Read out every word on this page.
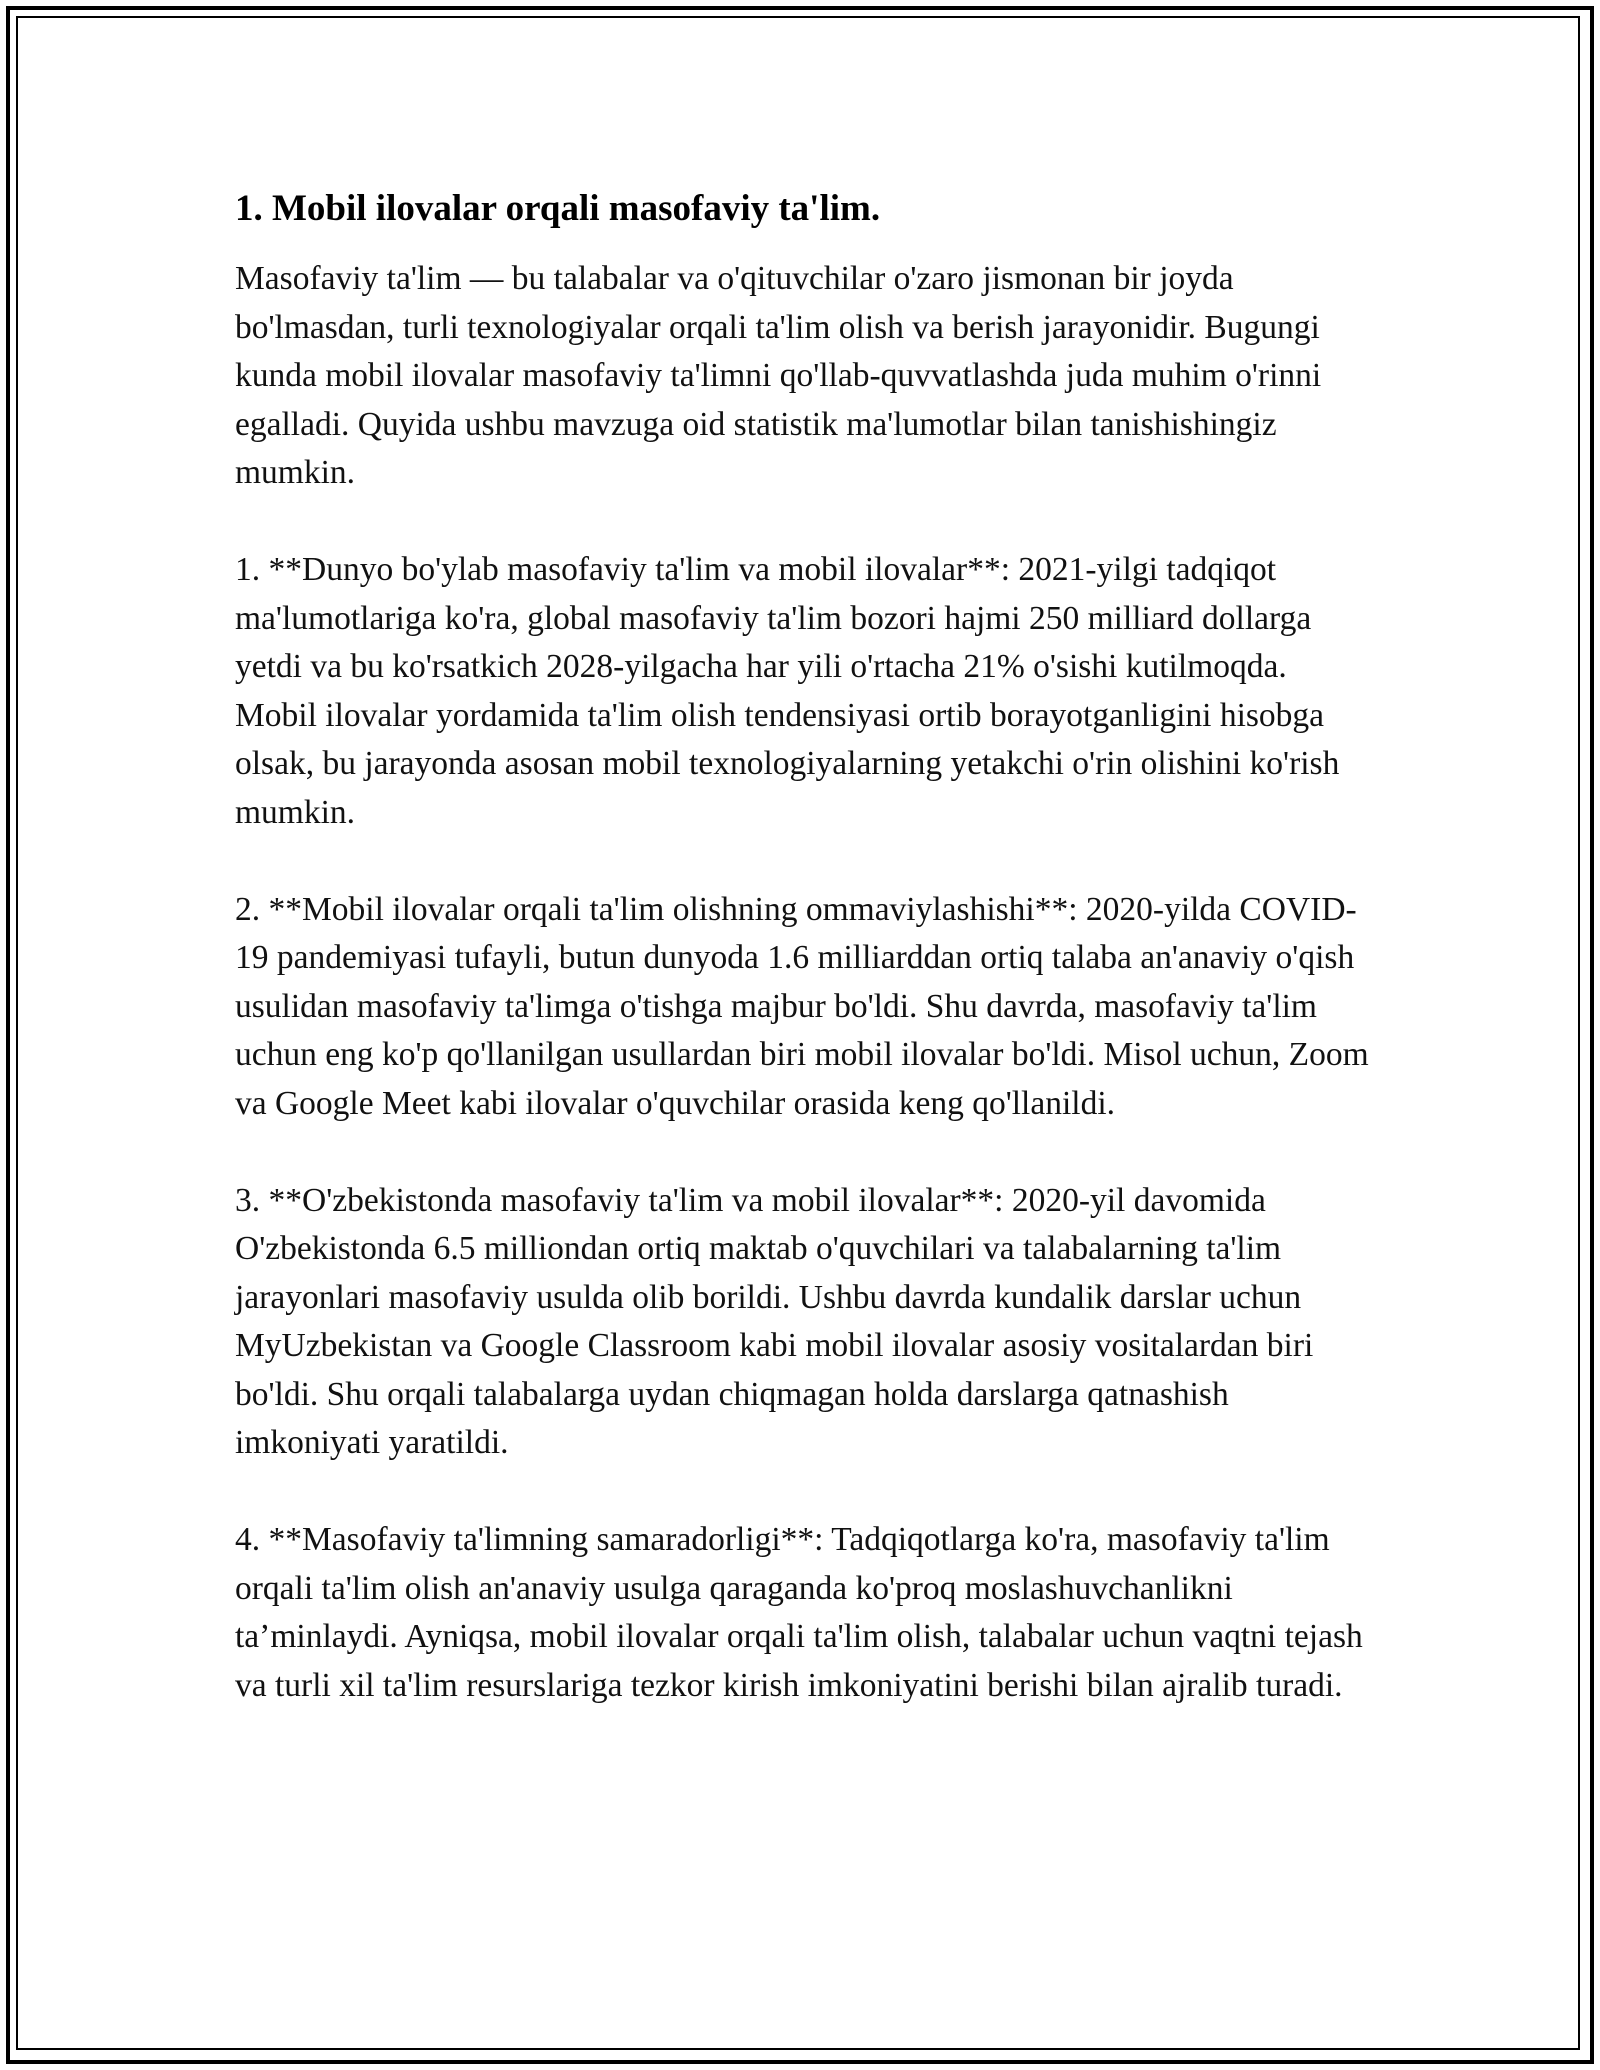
1. Mobil ilovalar orqali masofaviy ta'lim.

Masofaviy ta'lim — bu talabalar va o'qituvchilar o'zaro jismonan bir joyda bo'lmasdan, turli texnologiyalar orqali ta'lim olish va berish jarayonidir. Bugungi kunda mobil ilovalar masofaviy ta'limni qo'llab-quvvatlashda juda muhim o'rinni egalladi. Quyida ushbu mavzuga oid statistik ma'lumotlar bilan tanishishingiz mumkin.

1. **Dunyo bo'ylab masofaviy ta'lim va mobil ilovalar**: 2021-yilgi tadqiqot ma'lumotlariga ko'ra, global masofaviy ta'lim bozori hajmi 250 milliard dollarga yetdi va bu ko'rsatkich 2028-yilgacha har yili o'rtacha 21% o'sishi kutilmoqda. Mobil ilovalar yordamida ta'lim olish tendensiyasi ortib borayotganligini hisobga olsak, bu jarayonda asosan mobil texnologiyalarning yetakchi o'rin olishini ko'rish mumkin.

2. **Mobil ilovalar orqali ta'lim olishning ommaviylashishi**: 2020-yilda COVID-19 pandemiyasi tufayli, butun dunyoda 1.6 milliarddan ortiq talaba an'anaviy o'qish usulidan masofaviy ta'limga o'tishga majbur bo'ldi. Shu davrda, masofaviy ta'lim uchun eng ko'p qo'llanilgan usullardan biri mobil ilovalar bo'ldi. Misol uchun, Zoom va Google Meet kabi ilovalar o'quvchilar orasida keng qo'llanildi.

3. **O'zbekistonda masofaviy ta'lim va mobil ilovalar**: 2020-yil davomida O'zbekistonda 6.5 milliondan ortiq maktab o'quvchilari va talabalarning ta'lim jarayonlari masofaviy usulda olib borildi. Ushbu davrda kundalik darslar uchun MyUzbekistan va Google Classroom kabi mobil ilovalar asosiy vositalardan biri bo'ldi. Shu orqali talabalarga uydan chiqmagan holda darslarga qatnashish imkoniyati yaratildi.

4. **Masofaviy ta'limning samaradorligi**: Tadqiqotlarga ko'ra, masofaviy ta'lim orqali ta'lim olish an'anaviy usulga qaraganda ko'proq moslashuvchanlikni ta’minlaydi. Ayniqsa, mobil ilovalar orqali ta'lim olish, talabalar uchun vaqtni tejash va turli xil ta'lim resurslariga tezkor kirish imkoniyatini berishi bilan ajralib turadi.
